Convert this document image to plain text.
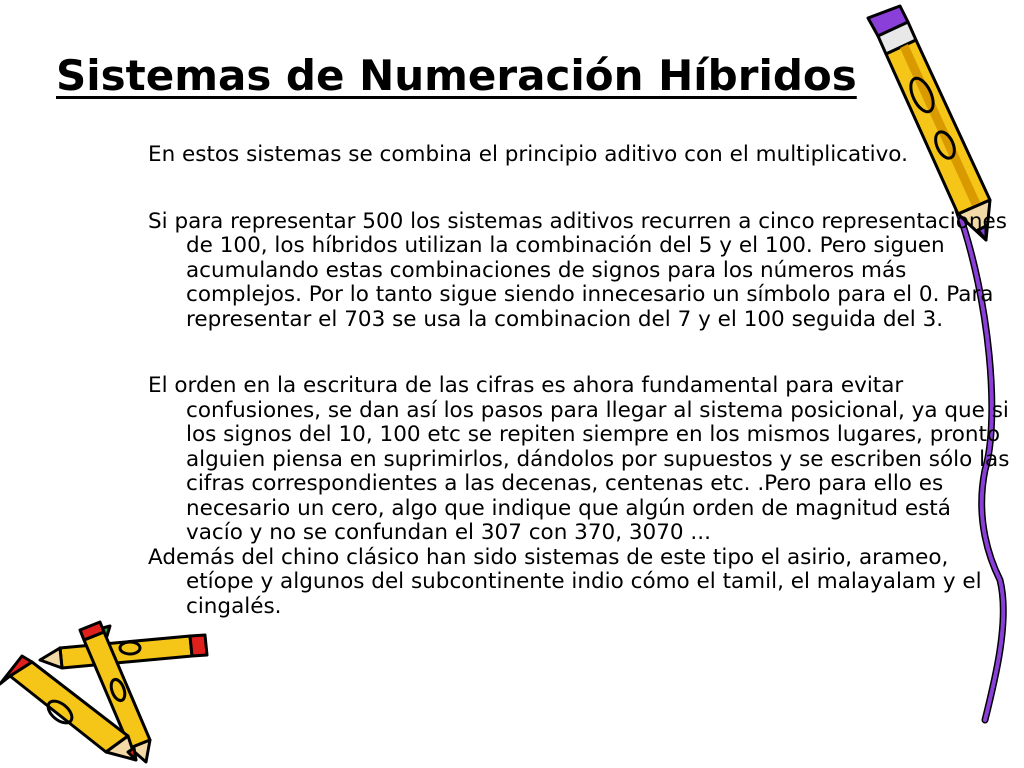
Sistemas de Numeración Híbridos

En estos sistemas se combina el principio aditivo con el multiplicativo.

Si para representar 500 los sistemas aditivos recurren a cinco representaciones de 100, los híbridos utilizan la combinación del 5 y el 100. Pero siguen acumulando estas combinaciones de signos para los números más complejos. Por lo tanto sigue siendo innecesario un símbolo para el 0. Para representar el 703 se usa la combinacion del 7 y el 100 seguida del 3.

El orden en la escritura de las cifras es ahora fundamental para evitar confusiones, se dan así los pasos para llegar al sistema posicional, ya que si los signos del 10, 100 etc se repiten siempre en los mismos lugares, pronto alguien piensa en suprimirlos, dándolos por supuestos y se escriben sólo las cifras correspondientes a las decenas, centenas etc. .Pero para ello es necesario un cero, algo que indique que algún orden de magnitud está vacío y no se confundan el 307 con 370, 3070 ...

Además del chino clásico han sido sistemas de este tipo el asirio, arameo, etíope y algunos del subcontinente indio cómo el tamil, el malayalam y el cingalés.
